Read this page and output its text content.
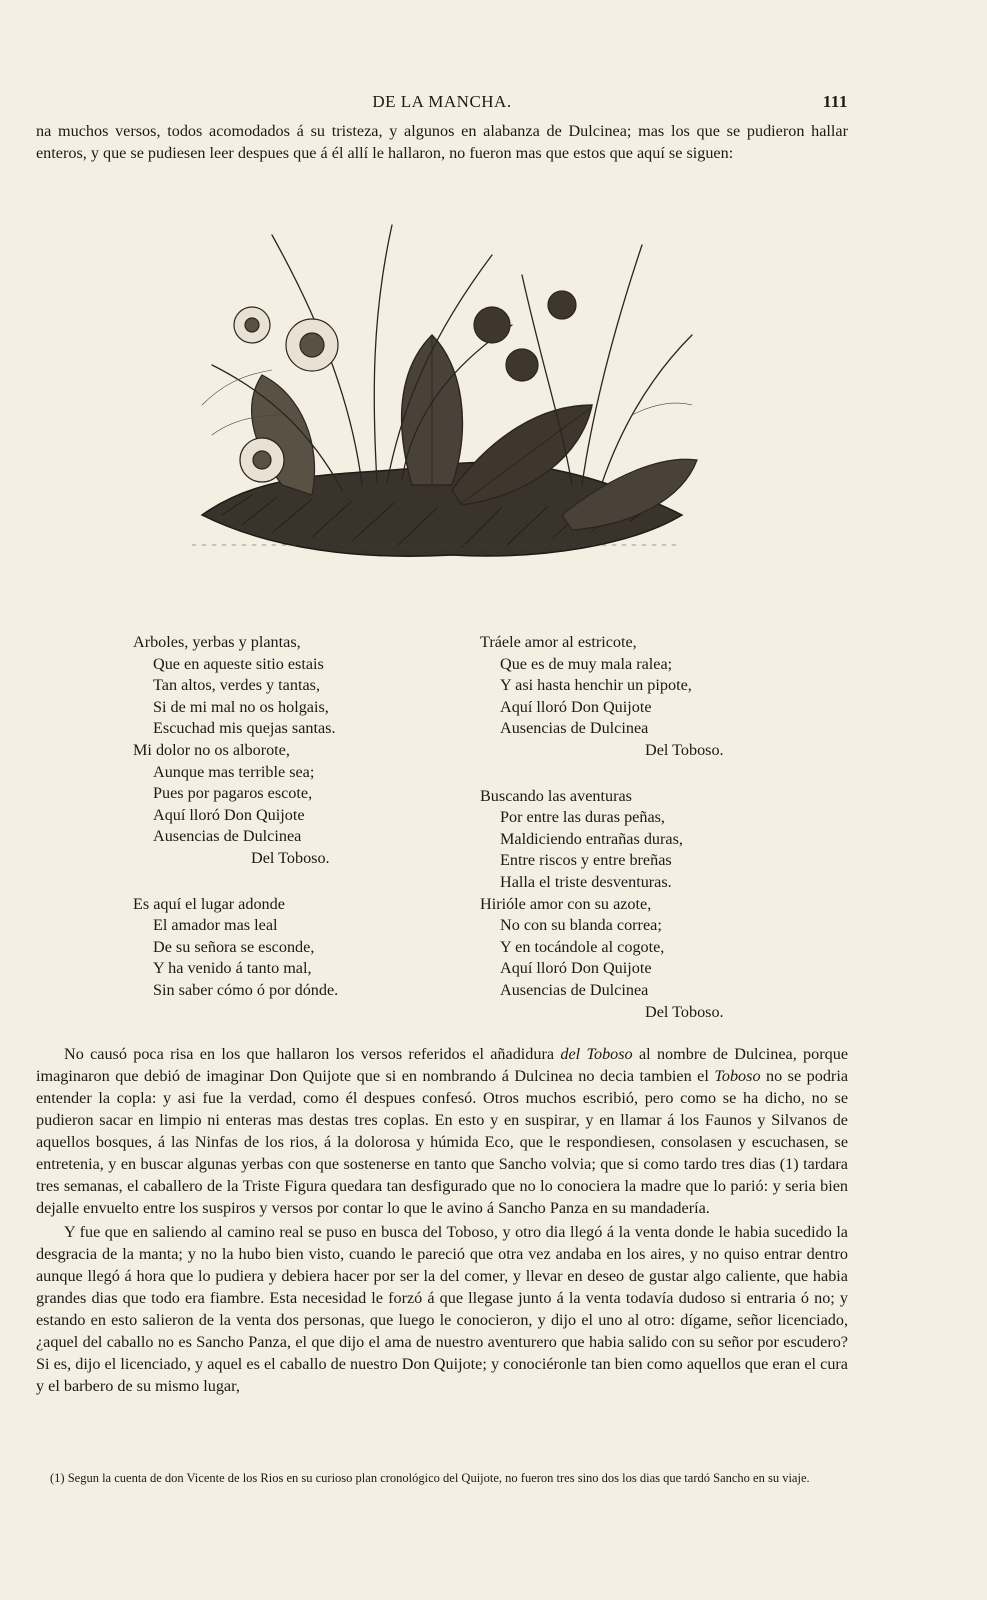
DE LA MANCHA.	111

na muchos versos, todos acomodados á su tristeza, y algunos en alabanza de Dulcinea; mas los que se pudieron hallar enteros, y que se pudiesen leer despues que á él allí le hallaron, no fueron mas que estos que aquí se siguen:

Arboles, yerbas y plantas,
Que en aqueste sitio estais
Tan altos, verdes y tantas,
Si de mi mal no os holgais,
Escuchad mis quejas santas.
Mi dolor no os alborote,
Aunque mas terrible sea;
Pues por pagaros escote,
Aquí lloró Don Quijote
Ausencias de Dulcinea
Del Toboso.
Es aquí el lugar adonde
El amador mas leal
De su señora se esconde,
Y ha venido á tanto mal,
Sin saber cómo ó por dónde.
Tráele amor al estricote,
Que es de muy mala ralea;
Y asi hasta henchir un pipote,
Aquí lloró Don Quijote
Ausencias de Dulcinea
Del Toboso.
Buscando las aventuras
Por entre las duras peñas,
Maldiciendo entrañas duras,
Entre riscos y entre breñas
Halla el triste desventuras.
Hirióle amor con su azote,
No con su blanda correa;
Y en tocándole al cogote,
Aquí lloró Don Quijote
Ausencias de Dulcinea
Del Toboso.

No causó poca risa en los que hallaron los versos referidos el añadidura del Toboso al nombre de Dulcinea, porque imaginaron que debió de imaginar Don Quijote que si en nombrando á Dulcinea no decia tambien el Toboso no se podria entender la copla: y asi fue la verdad, como él despues confesó. Otros muchos escribió, pero como se ha dicho, no se pudieron sacar en limpio ni enteras mas destas tres coplas. En esto y en suspirar, y en llamar á los Faunos y Silvanos de aquellos bosques, á las Ninfas de los rios, á la dolorosa y húmida Eco, que le respondiesen, consolasen y escuchasen, se entretenia, y en buscar algunas yerbas con que sostenerse en tanto que Sancho volvia; que si como tardo tres dias (1) tardara tres semanas, el caballero de la Triste Figura quedara tan desfigurado que no lo conociera la madre que lo parió: y seria bien dejalle envuelto entre los suspiros y versos por contar lo que le avino á Sancho Panza en su mandadería.

Y fue que en saliendo al camino real se puso en busca del Toboso, y otro dia llegó á la venta donde le habia sucedido la desgracia de la manta; y no la hubo bien visto, cuando le pareció que otra vez andaba en los aires, y no quiso entrar dentro aunque llegó á hora que lo pudiera y debiera hacer por ser la del comer, y llevar en deseo de gustar algo caliente, que habia grandes dias que todo era fiambre. Esta necesidad le forzó á que llegase junto á la venta todavía dudoso si entraria ó no; y estando en esto salieron de la venta dos personas, que luego le conocieron, y dijo el uno al otro: dígame, señor licenciado, ¿aquel del caballo no es Sancho Panza, el que dijo el ama de nuestro aventurero que habia salido con su señor por escudero? Si es, dijo el licenciado, y aquel es el caballo de nuestro Don Quijote; y conociéronle tan bien como aquellos que eran el cura y el barbero de su mismo lugar,

(1) Segun la cuenta de don Vicente de los Rios en su curioso plan cronológico del Quijote, no fueron tres sino dos los dias que tardó Sancho en su viaje.
